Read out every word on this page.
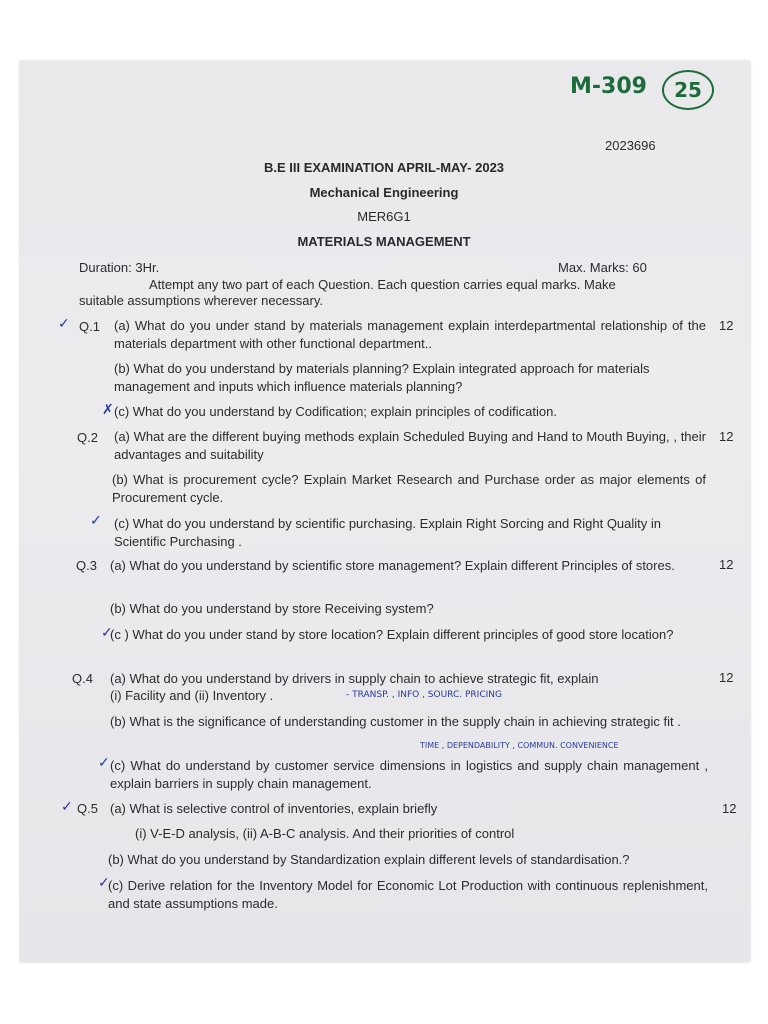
M-309	25
2023696
B.E III EXAMINATION APRIL-MAY- 2023
Mechanical Engineering
MER6G1
MATERIALS MANAGEMENT
Duration: 3Hr.	Max. Marks: 60
Attempt any two part of each Question. Each question carries equal marks. Make
suitable assumptions wherever necessary.
✓ Q.1 (a) What do you under stand by materials management explain interdepartmental relationship of the materials department with other functional department..
12
(b) What do you understand by materials planning? Explain integrated approach for materials management and inputs which influence materials planning?
✗ (c) What do you understand by Codification; explain principles of codification.
Q.2 (a) What are the different buying methods explain Scheduled Buying and Hand to Mouth Buying, , their advantages and suitability
12
(b) What is procurement cycle? Explain Market Research and Purchase order as major elements of Procurement cycle.
✓ (c) What do you understand by scientific purchasing. Explain Right Sorcing and Right Quality in Scientific Purchasing .
Q.3 (a) What do you understand by scientific store management? Explain different Principles of stores.	12
(b) What do you understand by store Receiving system?
✓
(c ) What do you under stand by store location? Explain different principles of good store location?
Q.4 (a) What do you understand by drivers in supply chain to achieve strategic fit, explain	12
(i) Facility and (ii) Inventory .	- TRANSP. , INFO , SOURC. PRICING
(b) What is the significance of understanding customer in the supply chain in achieving strategic fit .
TIME , DEPENDABILITY , COMMUN. CONVENIENCE
✓ (c) What do understand by customer service dimensions in logistics and supply chain management , explain barriers in supply chain management.
✓ Q.5 (a) What is selective control of inventories, explain briefly	12
(i) V-E-D analysis, (ii) A-B-C analysis. And their priorities of control
(b) What do you understand by Standardization explain different levels of standardisation.?
✓
(c) Derive relation for the Inventory Model for Economic Lot Production with continuous replenishment, and state assumptions made.
